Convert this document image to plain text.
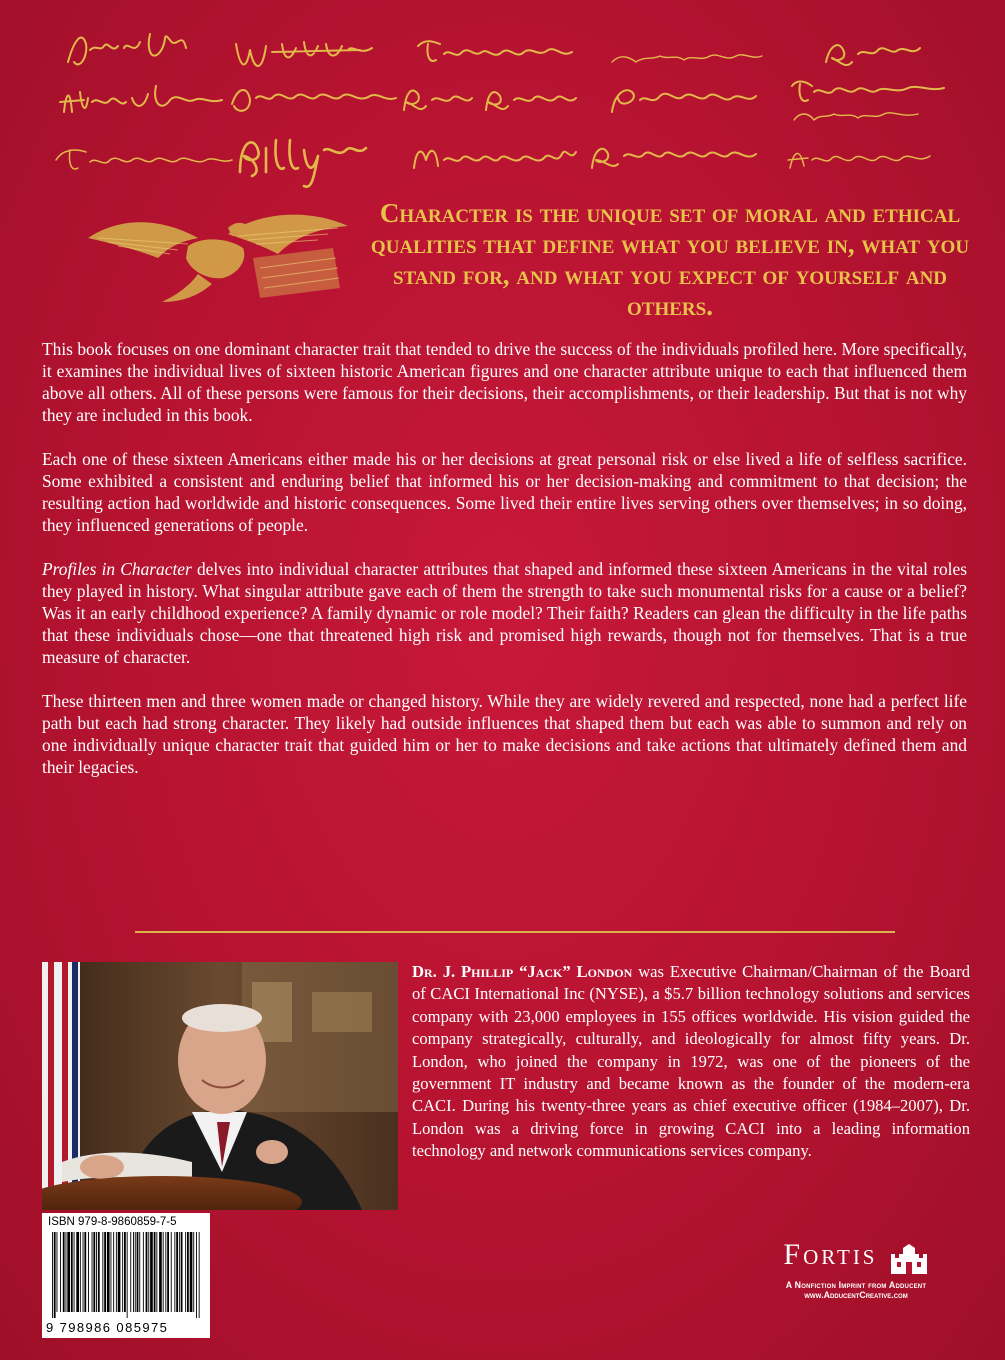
Character is the unique set of moral and ethical qualities that define what you believe in, what you stand for, and what you expect of yourself and others.

This book focuses on one dominant character trait that tended to drive the success of the individuals profiled here. More specifically, it examines the individual lives of sixteen historic American figures and one character attribute unique to each that influenced them above all others. All of these persons were famous for their decisions, their accomplishments, or their leadership. But that is not why they are included in this book.

Each one of these sixteen Americans either made his or her decisions at great personal risk or else lived a life of selfless sacrifice. Some exhibited a consistent and enduring belief that informed his or her decision-making and commitment to that decision; the resulting action had worldwide and historic consequences. Some lived their entire lives serving others over themselves; in so doing, they influenced generations of people.

Profiles in Character delves into individual character attributes that shaped and informed these sixteen Americans in the vital roles they played in history. What singular attribute gave each of them the strength to take such monumental risks for a cause or a belief? Was it an early childhood experience? A family dynamic or role model? Their faith? Readers can glean the difficulty in the life paths that these individuals chose—one that threatened high risk and promised high rewards, though not for themselves. That is a true measure of character.

These thirteen men and three women made or changed history. While they are widely revered and respected, none had a perfect life path but each had strong character. They likely had outside influences that shaped them but each was able to summon and rely on one individually unique character trait that guided him or her to make decisions and take actions that ultimately defined them and their legacies.

Dr. J. Phillip “Jack” London was Executive Chairman/Chairman of the Board of CACI International Inc (NYSE), a $5.7 billion technology solutions and services company with 23,000 employees in 155 offices worldwide. His vision guided the company strategically, culturally, and ideologically for almost fifty years. Dr. London, who joined the company in 1972, was one of the pioneers of the government IT industry and became known as the founder of the modern-era CACI. During his twenty-three years as chief executive officer (1984–2007), Dr. London was a driving force in growing CACI into a leading information technology and network communications services company.

ISBN 979-8-9860859-7-5
9 798986 085975
Fortis
A Nonfiction Imprint from Adducent
www.AdducentCreative.com
